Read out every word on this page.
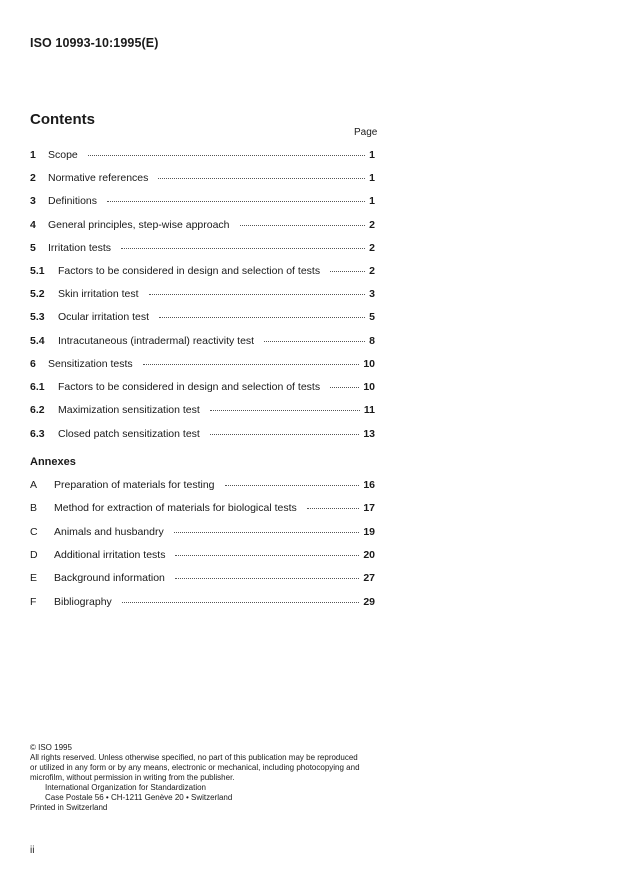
ISO 10993-10:1995(E)
Contents
Page
1	Scope	1
2	Normative references	1
3	Definitions	1
4	General principles, step-wise approach	2
5	Irritation tests	2
5.1	Factors to be considered in design and selection of tests	2
5.2	Skin irritation test	3
5.3	Ocular irritation test	5
5.4	Intracutaneous (intradermal) reactivity test	8
6	Sensitization tests	10
6.1	Factors to be considered in design and selection of tests	10
6.2	Maximization sensitization test	11
6.3	Closed patch sensitization test	13
Annexes
A	Preparation of materials for testing	16
B	Method for extraction of materials for biological tests	17
C	Animals and husbandry	19
D	Additional irritation tests	20
E	Background information	27
F	Bibliography	29
© ISO 1995
All rights reserved. Unless otherwise specified, no part of this publication may be reproduced
or utilized in any form or by any means, electronic or mechanical, including photocopying and
microfilm, without permission in writing from the publisher.
International Organization for Standardization
Case Postale 56 • CH-1211 Genève 20 • Switzerland
Printed in Switzerland
ii
